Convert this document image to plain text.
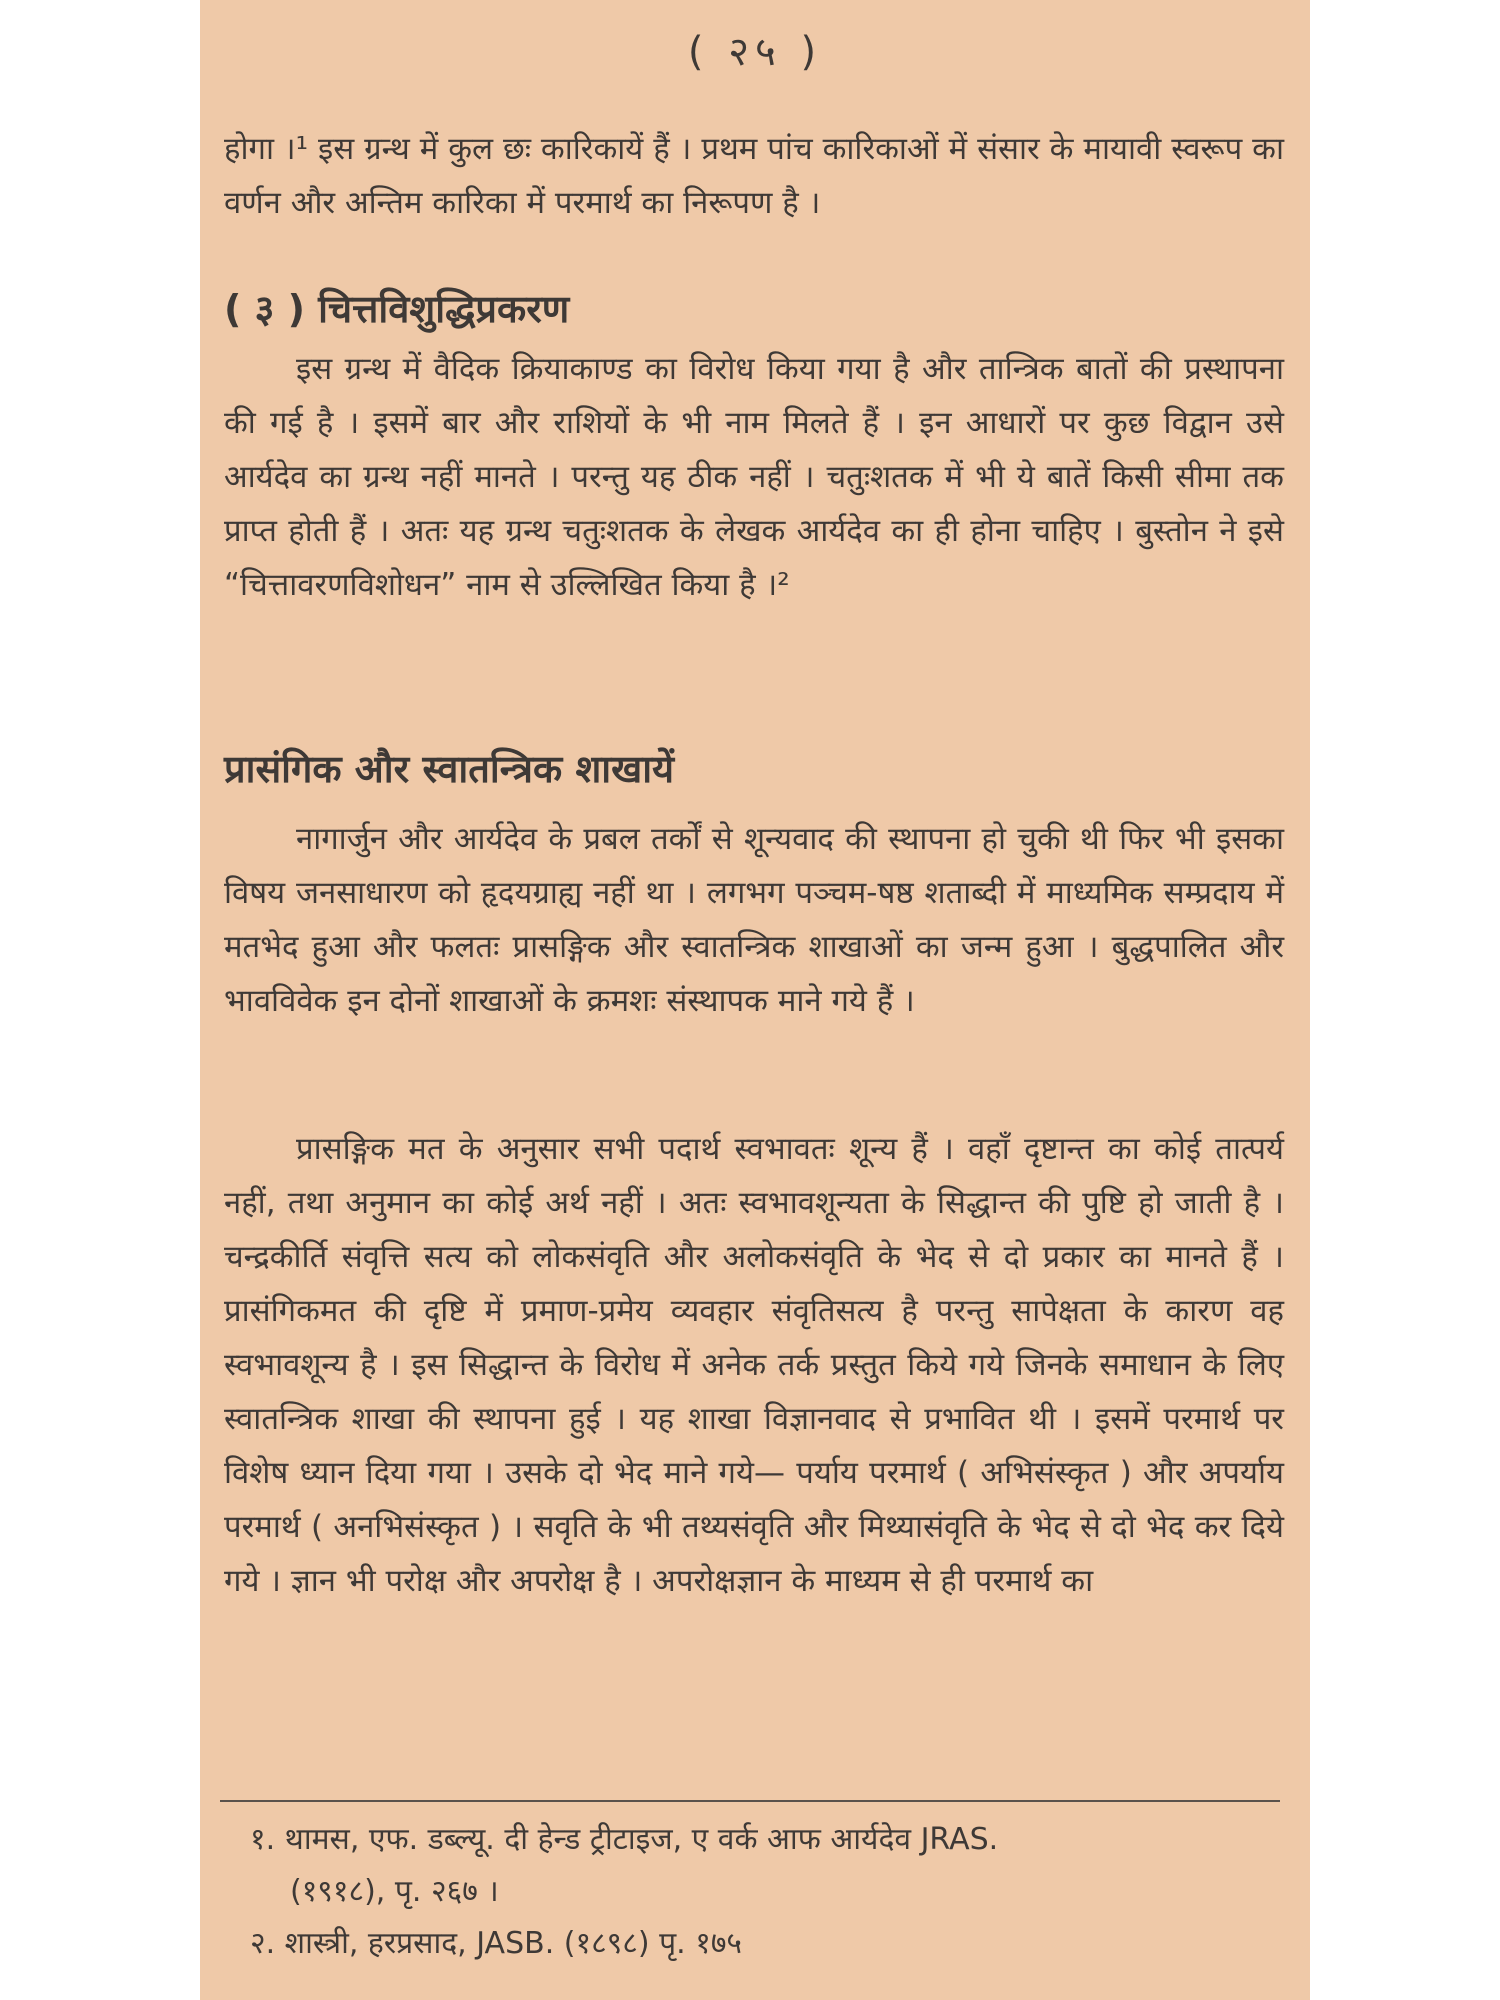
( २५ )

होगा ।¹ इस ग्रन्थ में कुल छः कारिकायें हैं । प्रथम पांच कारिकाओं में संसार के मायावी स्वरूप का वर्णन और अन्तिम कारिका में परमार्थ का निरूपण है ।

( ३ ) चित्तविशुद्धिप्रकरण

इस ग्रन्थ में वैदिक क्रियाकाण्ड का विरोध किया गया है और तान्त्रिक बातों की प्रस्थापना की गई है । इसमें बार और राशियों के भी नाम मिलते हैं । इन आधारों पर कुछ विद्वान उसे आर्यदेव का ग्रन्थ नहीं मानते । परन्तु यह ठीक नहीं । चतुःशतक में भी ये बातें किसी सीमा तक प्राप्त होती हैं । अतः यह ग्रन्थ चतुःशतक के लेखक आर्यदेव का ही होना चाहिए । बुस्तोन ने इसे “चित्तावरणविशोधन” नाम से उल्लिखित किया है ।²

प्रासंगिक और स्वातन्त्रिक शाखायें

नागार्जुन और आर्यदेव के प्रबल तर्कों से शून्यवाद की स्थापना हो चुकी थी फिर भी इसका विषय जनसाधारण को हृदयग्राह्य नहीं था । लगभग पञ्चम-षष्ठ शताब्दी में माध्यमिक सम्प्रदाय में मतभेद हुआ और फलतः प्रासङ्गिक और स्वातन्त्रिक शाखाओं का जन्म हुआ । बुद्धपालित और भावविवेक इन दोनों शाखाओं के क्रमशः संस्थापक माने गये हैं ।

प्रासङ्गिक मत के अनुसार सभी पदार्थ स्वभावतः शून्य हैं । वहाँ दृष्टान्त का कोई तात्पर्य नहीं, तथा अनुमान का कोई अर्थ नहीं । अतः स्वभावशून्यता के सिद्धान्त की पुष्टि हो जाती है । चन्द्रकीर्ति संवृत्ति सत्य को लोकसंवृति और अलोकसंवृति के भेद से दो प्रकार का मानते हैं । प्रासंगिकमत की दृष्टि में प्रमाण-प्रमेय व्यवहार संवृतिसत्य है परन्तु सापेक्षता के कारण वह स्वभावशून्य है । इस सिद्धान्त के विरोध में अनेक तर्क प्रस्तुत किये गये जिनके समाधान के लिए स्वातन्त्रिक शाखा की स्थापना हुई । यह शाखा विज्ञानवाद से प्रभावित थी । इसमें परमार्थ पर विशेष ध्यान दिया गया । उसके दो भेद माने गये— पर्याय परमार्थ ( अभिसंस्कृत ) और अपर्याय परमार्थ ( अनभिसंस्कृत ) । सवृति के भी तथ्यसंवृति और मिथ्यासंवृति के भेद से दो भेद कर दिये गये । ज्ञान भी परोक्ष और अपरोक्ष है । अपरोक्षज्ञान के माध्यम से ही परमार्थ का

१. थामस, एफ. डब्ल्यू. दी हेन्ड ट्रीटाइज, ए वर्क आफ आर्यदेव JRAS.

(१९१८), पृ. २६७ ।

२. शास्त्री, हरप्रसाद, JASB. (१८९८) पृ. १७५
